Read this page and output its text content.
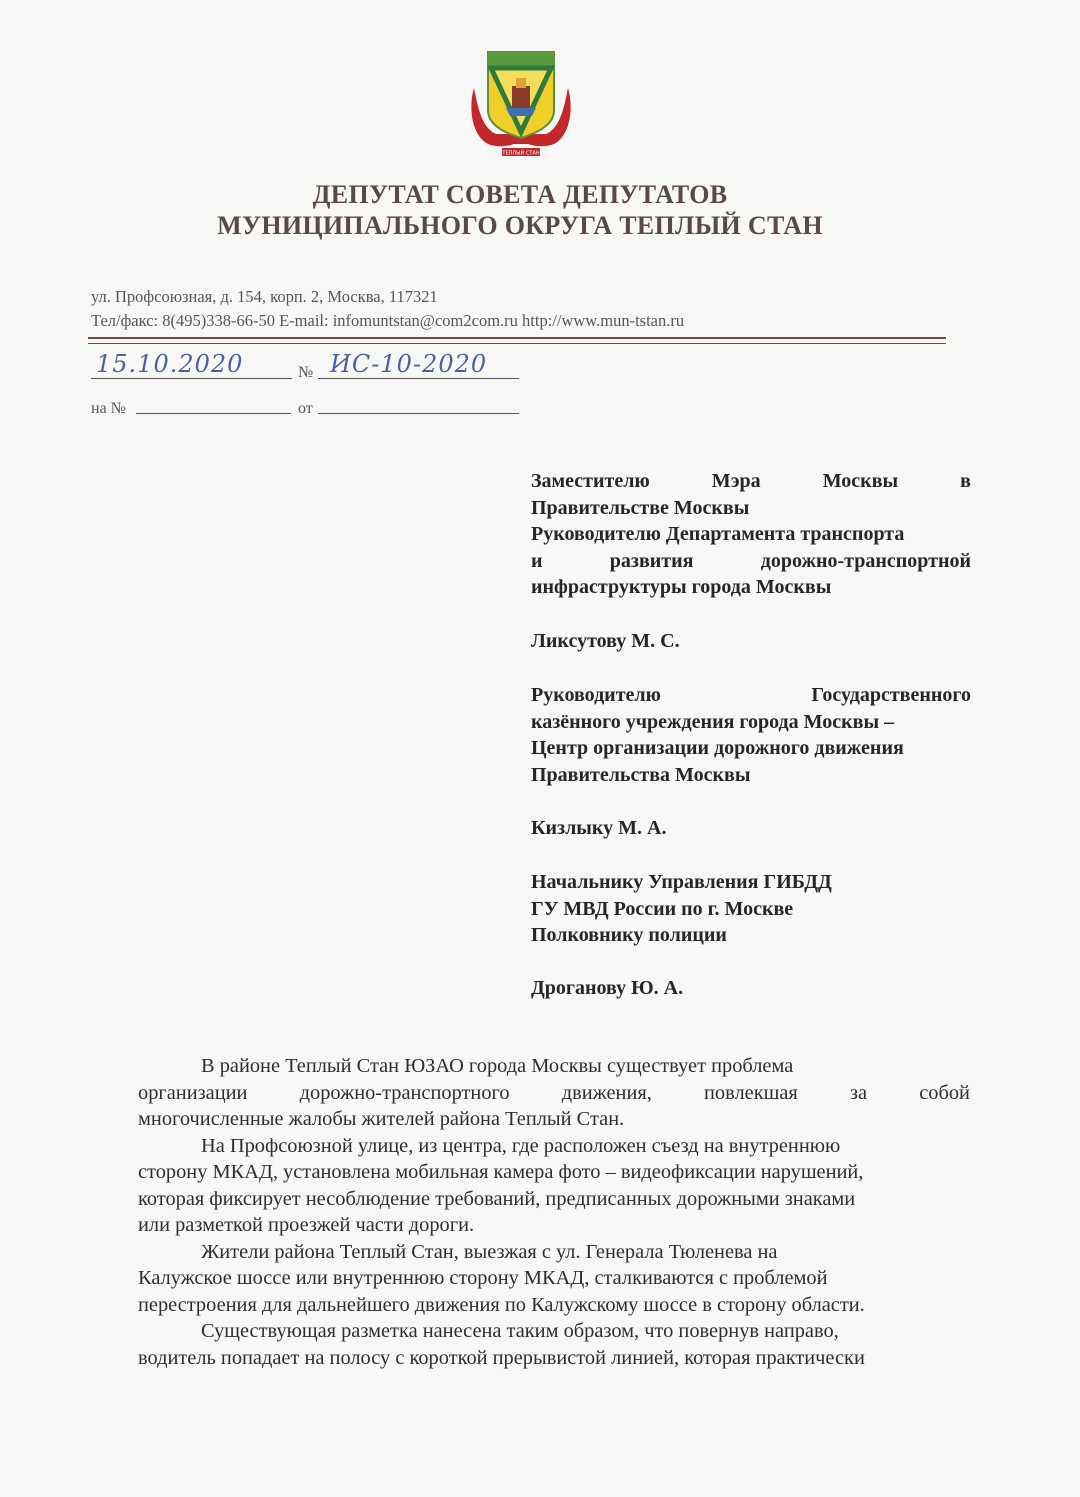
ТЕПЛЫЙ СТАН
ДЕПУТАТ СОВЕТА ДЕПУТАТОВ
МУНИЦИПАЛЬНОГО ОКРУГА ТЕПЛЫЙ СТАН
ул. Профсоюзная, д. 154, корп. 2, Москва, 117321
Тел/факс: 8(495)338-66-50 E-mail: infomuntstan@com2com.ru http://www.mun-tstan.ru
15.10.2020	№ ИС-10-2020
на №	от
Заместителю	Мэра	Москвы	в
Правительстве Москвы
Руководителю Департамента транспорта
и	развития	дорожно-транспортной
инфраструктуры города Москвы
Ликсутову М. С.
Руководителю	Государственного
казённого учреждения города Москвы –
Центр организации дорожного движения
Правительства Москвы
Кизлыку М. А.
Начальнику Управления ГИБДД
ГУ МВД России по г. Москве
Полковнику полиции
Дроганову Ю. А.

В районе Теплый Стан ЮЗАО города Москвы существует проблема

организации	дорожно-транспортного	движения,	повлекшая	за	собой

многочисленные жалобы жителей района Теплый Стан.

На Профсоюзной улице, из центра, где расположен съезд на внутреннюю

сторону МКАД, установлена мобильная камера фото – видеофиксации нарушений,

которая фиксирует несоблюдение требований, предписанных дорожными знаками

или разметкой проезжей части дороги.

Жители района Теплый Стан, выезжая с ул. Генерала Тюленева на

Калужское шоссе или внутреннюю сторону МКАД, сталкиваются с проблемой

перестроения для дальнейшего движения по Калужскому шоссе в сторону области.

Существующая разметка нанесена таким образом, что повернув направо,

водитель попадает на полосу с короткой прерывистой линией, которая практически
